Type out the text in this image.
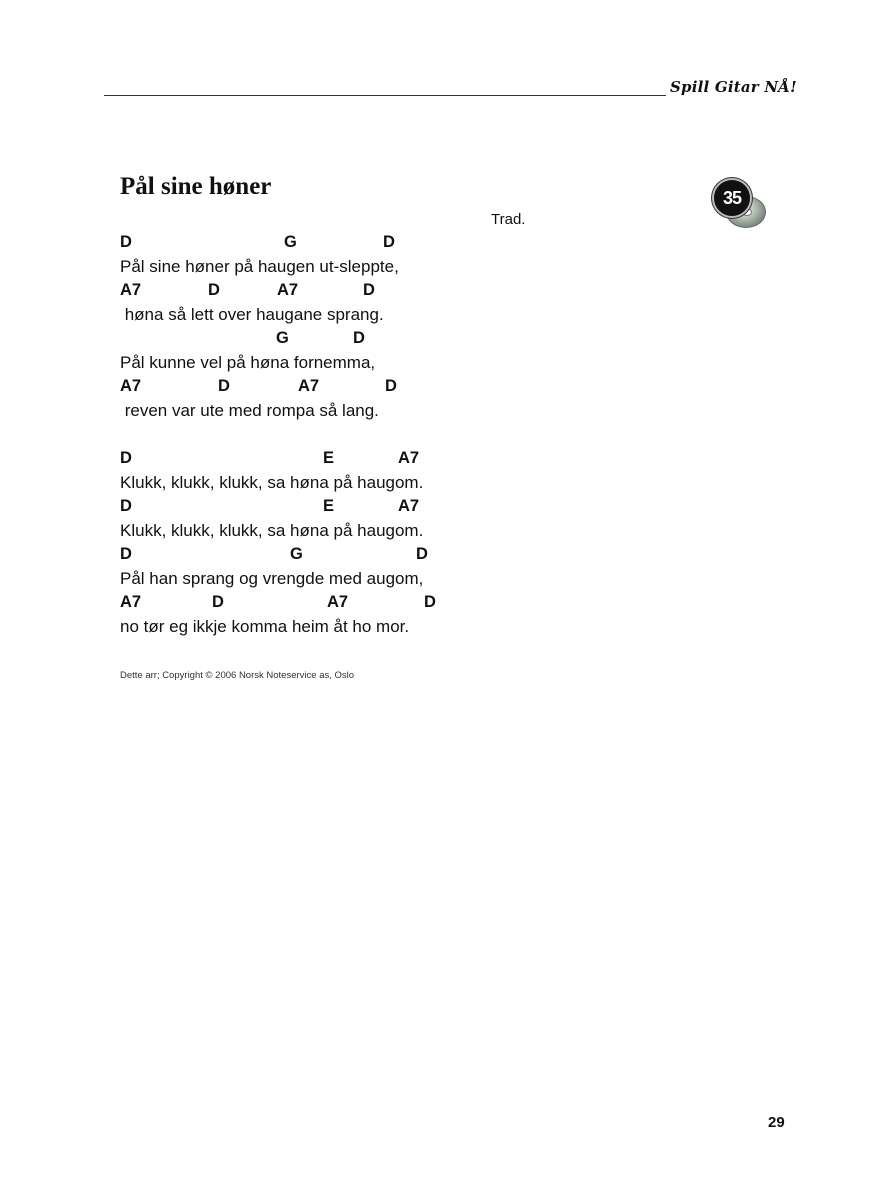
Spill Gitar NÅ!
Pål sine høner
Trad.
35
D	G	D
Pål sine høner på haugen ut-sleppte,
A7	D	A7	D
høna så lett over haugane sprang.
G	D
Pål kunne vel på høna fornemma,
A7	D	A7	D
reven var ute med rompa så lang.
D	E	A7
Klukk, klukk, klukk, sa høna på haugom.
D	E	A7
Klukk, klukk, klukk, sa høna på haugom.
D	G	D
Pål han sprang og vrengde med augom,
A7	D	A7	D
no tør eg ikkje komma heim åt ho mor.
Dette arr; Copyright © 2006 Norsk Noteservice as, Oslo
29
